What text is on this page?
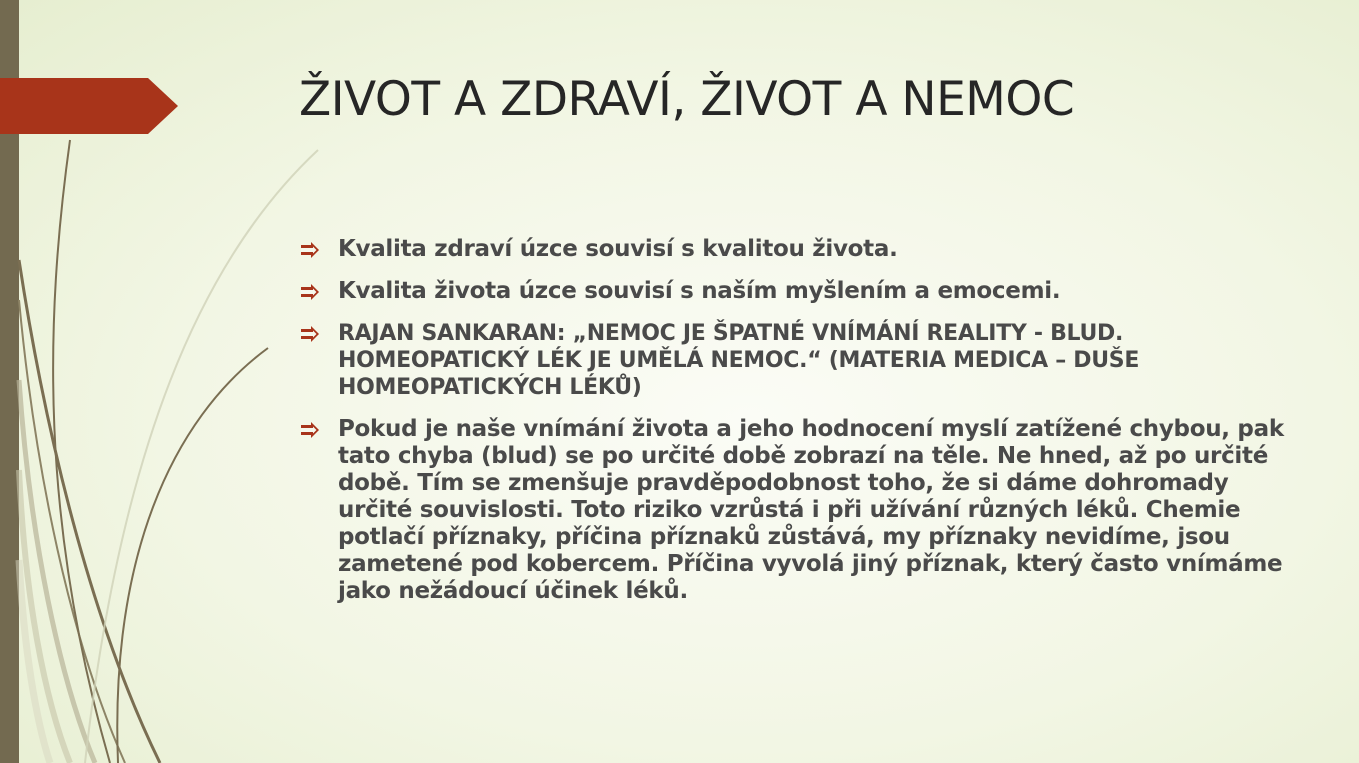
ŽIVOT A ZDRAVÍ, ŽIVOT A NEMOC
Kvalita zdraví úzce souvisí s kvalitou života.
Kvalita života úzce souvisí s naším myšlením a emocemi.
RAJAN SANKARAN: „NEMOC JE ŠPATNÉ VNÍMÁNÍ REALITY - BLUD. HOMEOPATICKÝ LÉK JE UMĚLÁ NEMOC.“ (MATERIA MEDICA – DUŠE HOMEOPATICKÝCH LÉKŮ)
Pokud je naše vnímání života a jeho hodnocení myslí zatížené chybou, pak tato chyba (blud) se po určité době zobrazí na těle. Ne hned, až po určité době. Tím se zmenšuje pravděpodobnost toho, že si dáme dohromady určité souvislosti. Toto riziko vzrůstá i při užívání různých léků. Chemie potlačí příznaky, příčina příznaků zůstává, my příznaky nevidíme, jsou zametené pod kobercem. Příčina vyvolá jiný příznak, který často vnímáme jako nežádoucí účinek léků.
